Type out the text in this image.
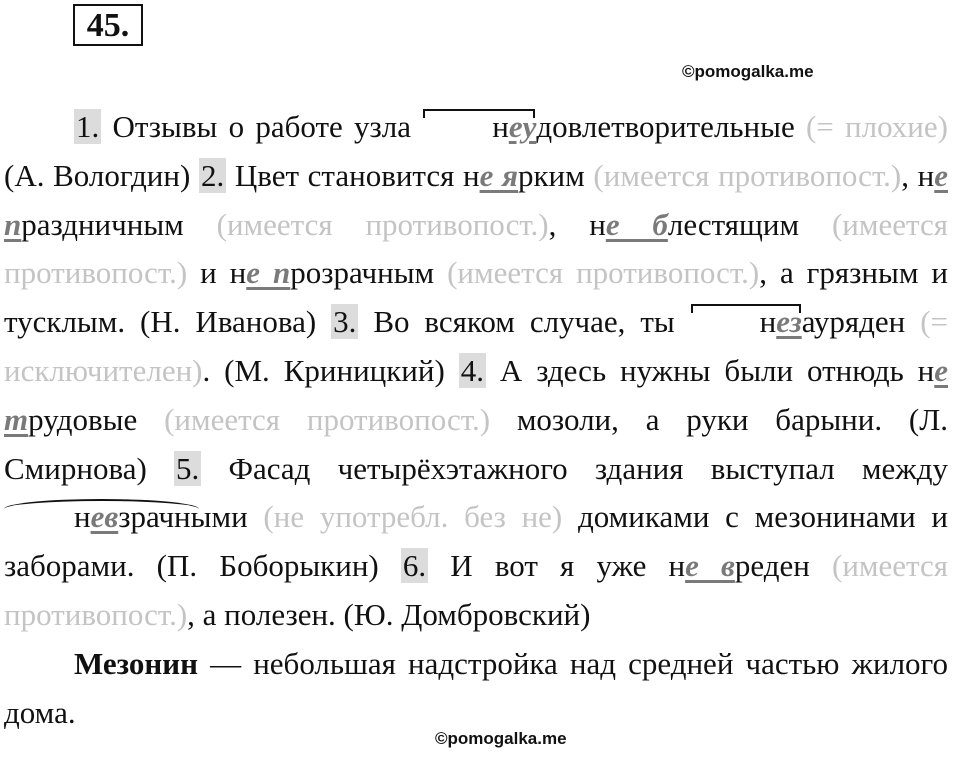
45.
©pomogalka.me

1. Отзывы о работе узла неудовлетворительные (= плохие) (А. Вологдин) 2. Цвет становится не ярким (имеется противопост.), не праздничным (имеется противопост.), не блестящим (имеется противопост.) и не прозрачным (имеется противопост.), а грязным и тусклым. (Н. Иванова) 3. Во всяком случае, ты незаурядeн (= исключителен). (М. Криницкий) 4. А здесь нужны были отнюдь не трудовые (имеется противопост.) мозоли, а руки барыни. (Л. Смирнова) 5. Фасад четырёхэтажного здания выступал между невзрачными (не употребл. без не) домиками с мезонинами и заборами. (П. Боборыкин) 6. И вот я уже не вреден (имеется противопост.), а полезен. (Ю. Домбровский)

Мезонин — небольшая надстройка над средней частью жилого дома.

©pomogalka.me
